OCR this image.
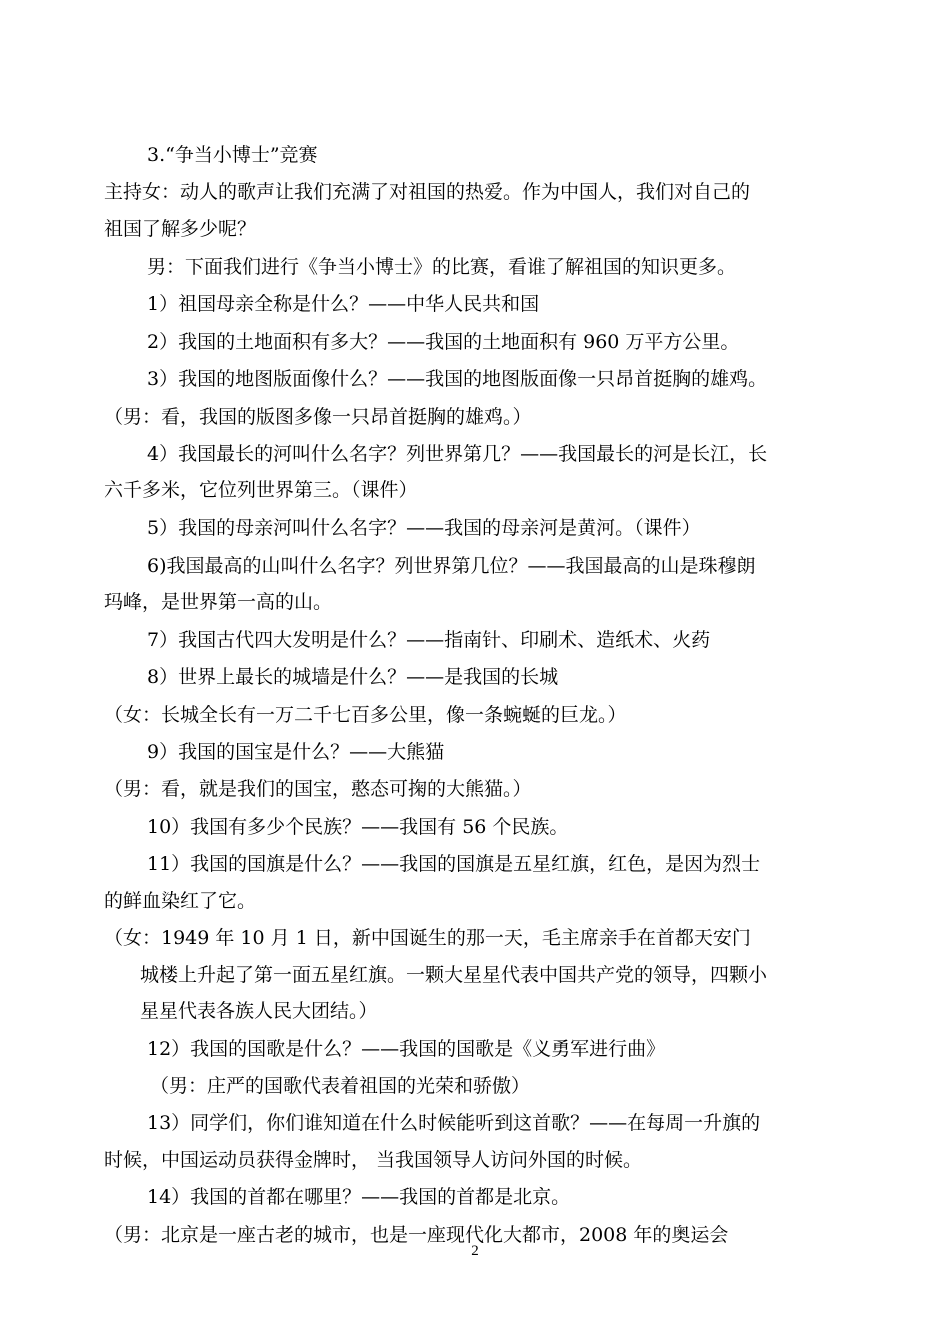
3.“争当小博士”竞赛
主持女：动人的歌声让我们充满了对祖国的热爱。作为中国人，我们对自己的
祖国了解多少呢？
男：下面我们进行《争当小博士》的比赛，看谁了解祖国的知识更多。
1）祖国母亲全称是什么？——中华人民共和国
2）我国的土地面积有多大？——我国的土地面积有 960 万平方公里。
3）我国的地图版面像什么？——我国的地图版面像一只昂首挺胸的雄鸡。
（男：看，我国的版图多像一只昂首挺胸的雄鸡。）
4）我国最长的河叫什么名字？列世界第几？——我国最长的河是长江，长
六千多米，它位列世界第三。（课件）
5）我国的母亲河叫什么名字？——我国的母亲河是黄河。（课件）
6)我国最高的山叫什么名字？列世界第几位？——我国最高的山是珠穆朗
玛峰，是世界第一高的山。
7）我国古代四大发明是什么？——指南针、印刷术、造纸术、火药
8）世界上最长的城墙是什么？——是我国的长城
（女：长城全长有一万二千七百多公里，像一条蜿蜒的巨龙。）
9）我国的国宝是什么？——大熊猫
（男：看，就是我们的国宝，憨态可掬的大熊猫。）
10）我国有多少个民族？——我国有 56 个民族。
11）我国的国旗是什么？——我国的国旗是五星红旗，红色，是因为烈士
的鲜血染红了它。
（女：1949 年 10 月 1 日，新中国诞生的那一天，毛主席亲手在首都天安门
城楼上升起了第一面五星红旗。一颗大星星代表中国共产党的领导，四颗小
星星代表各族人民大团结。）
12）我国的国歌是什么？——我国的国歌是《义勇军进行曲》
（男：庄严的国歌代表着祖国的光荣和骄傲）
13）同学们，你们谁知道在什么时候能听到这首歌？——在每周一升旗的
时候，中国运动员获得金牌时， 当我国领导人访问外国的时候。
14）我国的首都在哪里？——我国的首都是北京。
（男：北京是一座古老的城市，也是一座现代化大都市，2008 年的奥运会
2
